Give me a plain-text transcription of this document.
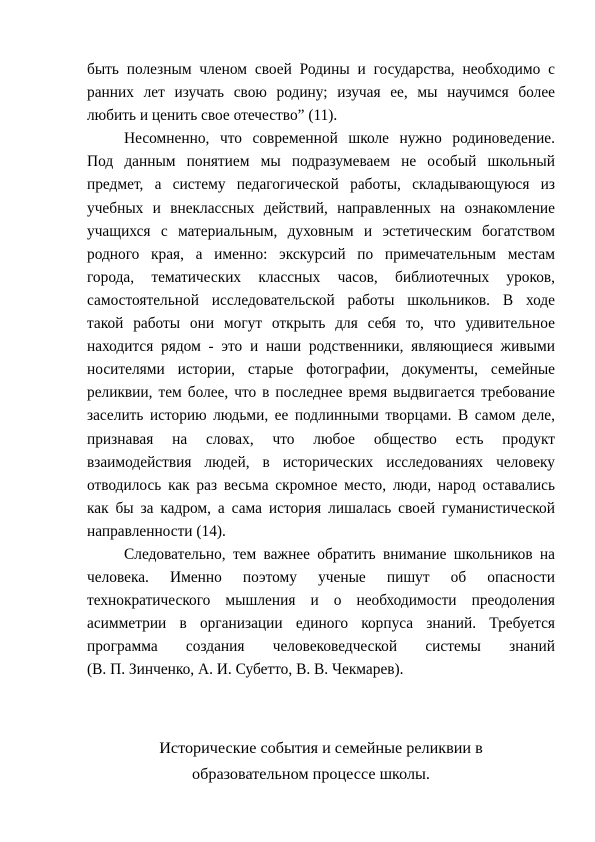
быть полезным членом своей Родины и государства, необходимо с
ранних лет изучать свою родину; изучая ее, мы научимся более
любить и ценить свое отечество” (11).
Несомненно, что современной школе нужно родиноведение.
Под данным понятием мы подразумеваем не особый школьный
предмет, а систему педагогической работы, складывающуюся из
учебных и внеклассных действий, направленных на ознакомление
учащихся с материальным, духовным и эстетическим богатством
родного края, а именно: экскурсий по примечательным местам
города, тематических классных часов, библиотечных уроков,
самостоятельной исследовательской работы школьников. В ходе
такой работы они могут открыть для себя то, что удивительное
находится рядом - это и наши родственники, являющиеся живыми
носителями истории, старые фотографии, документы, семейные
реликвии, тем более, что в последнее время выдвигается требование
заселить историю людьми, ее подлинными творцами. В самом деле,
признавая на словах, что любое общество есть продукт
взаимодействия людей, в исторических исследованиях человеку
отводилось как раз весьма скромное место, люди, народ оставались
как бы за кадром, а сама история лишалась своей гуманистической
направленности (14).
Следовательно, тем важнее обратить внимание школьников на
человека. Именно поэтому ученые пишут об опасности
технократического мышления и о необходимости преодоления
асимметрии в организации единого корпуса знаний. Требуется
программа создания человековедческой системы знаний
(В. П. Зинченко, А. И. Субетто, В. В. Чекмарев).
Исторические события и семейные реликвии в
образовательном процессе школы.
